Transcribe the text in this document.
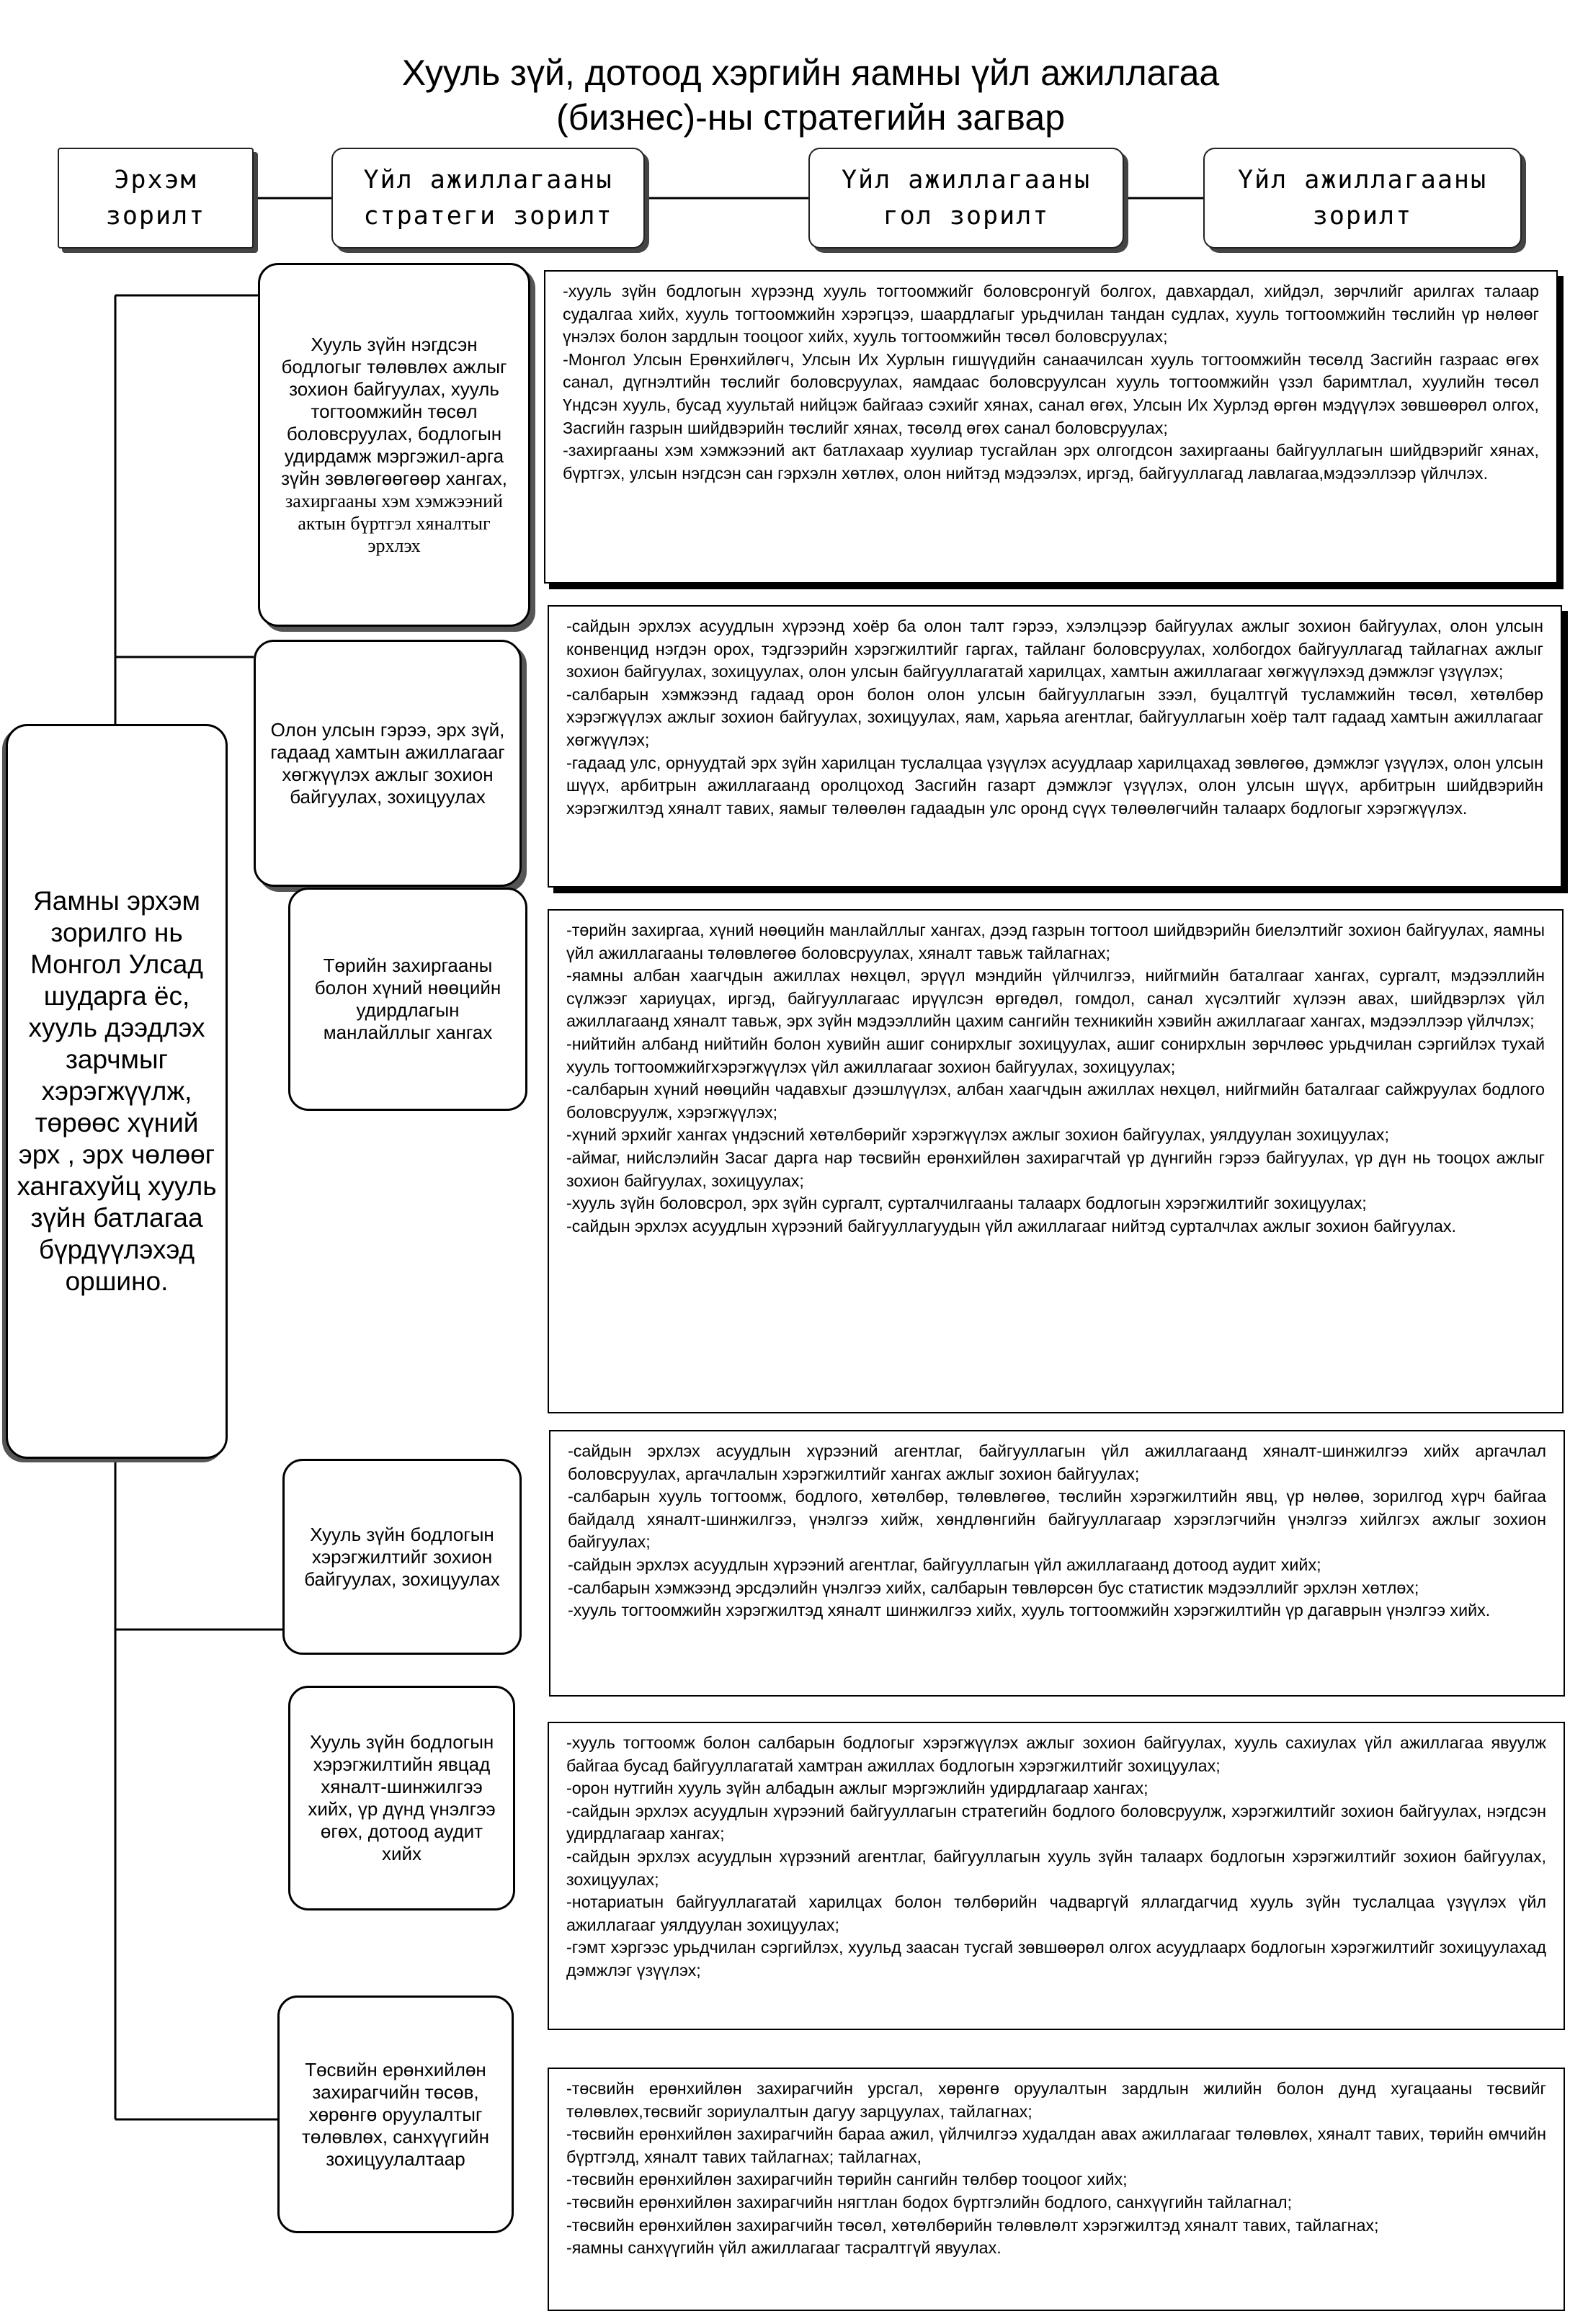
Хууль зүй, дотоод хэргийн яамны үйл ажиллагаа
(бизнес)-ны стратегийн загвар
Эрхэм
зорилт
Үйл ажиллагааны
стратеги зорилт
Үйл ажиллагааны
гол зорилт
Үйл ажиллагааны
зорилт
Яамны эрхэм зорилго нь Монгол Улсад шударга ёс, хууль дээдлэх зарчмыг хэрэгжүүлж, төрөөс хүний эрх , эрх чөлөөг хангахуйц хууль зүйн батлагаа бүрдүүлэхэд оршино.
Хууль зүйн нэгдсэн бодлогыг төлөвлөх ажлыг зохион байгуулах, хууль тогтоомжийн төсөл боловсруулах, бодлогын удирдамж мэргэжил-арга зүйн зөвлөгөөгөөр хангах,
захиргааны хэм хэмжээний актын бүртгэл хяналтыг эрхлэх
Олон улсын гэрээ, эрх зүй, гадаад хамтын ажиллагааг хөгжүүлэх ажлыг зохион байгуулах, зохицуулах
Төрийн захиргааны болон хүний нөөцийн удирдлагын манлайллыг хангах
Хууль зүйн бодлогын хэрэгжилтийг зохион байгуулах, зохицуулах
Хууль зүйн бодлогын хэрэгжилтийн явцад хяналт-шинжилгээ хийх, үр дүнд үнэлгээ өгөх, дотоод аудит хийх
Төсвийн ерөнхийлөн захирагчийн төсөв, хөрөнгө оруулалтыг төлөвлөх, санхүүгийн зохицуулалтаар
-хууль зүйн бодлогын хүрээнд хууль тогтоомжийг боловсронгуй болгох, давхардал, хийдэл, зөрчлийг арилгах талаар судалгаа хийх, хууль тогтоомжийн хэрэгцээ, шаардлагыг урьдчилан тандан судлах, хууль тогтоомжийн төслийн үр нөлөөг үнэлэх болон зардлын тооцоог хийх, хууль тогтоомжийн төсөл боловсруулах;
-Монгол Улсын Ерөнхийлөгч, Улсын Их Хурлын гишүүдийн санаачилсан хууль тогтоомжийн төсөлд Засгийн газраас өгөх санал, дүгнэлтийн төслийг боловсруулах, яамдаас боловсруулсан хууль тогтоомжийн үзэл баримтлал, хуулийн төсөл Үндсэн хууль, бусад хуультай нийцэж байгааэ сэхийг хянах, санал өгөх, Улсын Их Хурлэд өргөн мэдүүлэх зөвшөөрөл олгох, Засгийн газрын шийдвэрийн төслийг хянах, төсөлд өгөх санал боловсруулах;
-захиргааны хэм хэмжээний акт батлахаар хуулиар тусгайлан эрх олгогдсон захиргааны байгууллагын шийдвэрийг хянах, бүртгэх, улсын нэгдсэн сан гэрхэлн хөтлөх, олон нийтэд мэдээлэх, иргэд, байгууллагад лавлагаа,мэдээллээр үйлчлэх.
-сайдын эрхлэх асуудлын хүрээнд хоёр ба олон талт гэрээ, хэлэлцээр байгуулах ажлыг зохион байгуулах, олон улсын конвенцид нэгдэн орох, тэдгээрийн хэрэгжилтийг гаргах, тайланг боловсруулах, холбогдох байгууллагад тайлагнах ажлыг зохион байгуулах, зохицуулах, олон улсын байгууллагатай харилцах, хамтын ажиллагааг хөгжүүлэхэд дэмжлэг үзүүлэх;
-салбарын хэмжээнд гадаад орон болон олон улсын байгууллагын зээл, буцалтгүй тусламжийн төсөл, хөтөлбөр хэрэгжүүлэх ажлыг зохион байгуулах, зохицуулах, яам, харьяа агентлаг, байгууллагын хоёр талт гадаад хамтын ажиллагааг хөгжүүлэх;
-гадаад улс, орнуудтай эрх зүйн харилцан туслалцаа үзүүлэх асуудлаар харилцахад зөвлөгөө, дэмжлэг үзүүлэх, олон улсын шүүх, арбитрын ажиллагаанд оролцоход Засгийн газарт дэмжлэг үзүүлэх, олон улсын шүүх, арбитрын шийдвэрийн хэрэгжилтэд хяналт тавих, яамыг төлөөлөн гадаадын улс оронд сүүх төлөөлөгчийн талаарх бодлогыг хэрэгжүүлэх.
-төрийн захиргаа, хүний нөөцийн манлайллыг хангах, дээд газрын тогтоол шийдвэрийн биелэлтийг зохион байгуулах, яамны үйл ажиллагааны төлөвлөгөө боловсруулах, хяналт тавьж тайлагнах;
-яамны албан хаагчдын ажиллах нөхцөл, эрүүл мэндийн үйлчилгээ, нийгмийн баталгааг хангах, сургалт, мэдээллийн сүлжээг хариуцах, иргэд, байгууллагаас ирүүлсэн өргөдөл, гомдол, санал хүсэлтийг хүлээн авах, шийдвэрлэх үйл ажиллагаанд хяналт тавьж, эрх зүйн мэдээллийн цахим сангийн техникийн хэвийн ажиллагааг хангах, мэдээллээр үйлчлэх;
-нийтийн албанд нийтийн болон хувийн ашиг сонирхлыг зохицуулах, ашиг сонирхлын зөрчлөөс урьдчилан сэргийлэх тухай хууль тогтоомжийгхэрэгжүүлэх үйл ажиллагааг зохион байгуулах, зохицуулах;
-салбарын хүний нөөцийн чадавхыг дээшлүүлэх, албан хаагчдын ажиллах нөхцөл, нийгмийн баталгааг сайжруулах бодлого боловсруулж, хэрэгжүүлэх;
-хүний эрхийг хангах үндэсний хөтөлбөрийг хэрэгжүүлэх ажлыг зохион байгуулах, уялдуулан зохицуулах;
-аймаг, нийслэлийн Засаг дарга нар төсвийн ерөнхийлөн захирагчтай үр дүнгийн гэрээ байгуулах, үр дүн нь тооцох ажлыг зохион байгуулах, зохицуулах;
-хууль зүйн боловсрол, эрх зүйн сургалт, сурталчилгааны талаарх бодлогын хэрэгжилтийг зохицуулах;
-сайдын эрхлэх асуудлын хүрээний байгууллагуудын үйл ажиллагааг нийтэд сурталчлах ажлыг зохион байгуулах.
-сайдын эрхлэх асуудлын хүрээний агентлаг, байгууллагын үйл ажиллагаанд хяналт-шинжилгээ хийх аргачлал боловсруулах, аргачлалын хэрэгжилтийг хангах ажлыг зохион байгуулах;
-салбарын хууль тогтоомж, бодлого, хөтөлбөр, төлөвлөгөө, төслийн хэрэгжилтийн явц, үр нөлөө, зорилгод хүрч байгаа байдалд хяналт-шинжилгээ, үнэлгээ хийж, хөндлөнгийн байгууллагаар хэрэглэгчийн үнэлгээ хийлгэх ажлыг зохион байгуулах;
-сайдын эрхлэх асуудлын хүрээний агентлаг, байгууллагын үйл ажиллагаанд дотоод аудит хийх;
-салбарын хэмжээнд эрсдэлийн үнэлгээ хийх, салбарын төвлөрсөн бус статистик мэдээллийг эрхлэн хөтлөх;
-хууль тогтоомжийн хэрэгжилтэд хяналт шинжилгээ хийх, хууль тогтоомжийн хэрэгжилтийн үр дагаврын үнэлгээ хийх.
-хууль тогтоомж болон салбарын бодлогыг хэрэгжүүлэх ажлыг зохион байгуулах, хууль сахиулах үйл ажиллагаа явуулж байгаа бусад байгууллагатай хамтран ажиллах бодлогын хэрэгжилтийг зохицуулах;
-орон нутгийн хууль зүйн албадын ажлыг мэргэжлийн удирдлагаар хангах;
-сайдын эрхлэх асуудлын хүрээний байгууллагын стратегийн бодлого боловсруулж, хэрэгжилтийг зохион байгуулах, нэгдсэн удирдлагаар хангах;
-сайдын эрхлэх асуудлын хүрээний агентлаг, байгууллагын хууль зүйн талаарх бодлогын хэрэгжилтийг зохион байгуулах, зохицуулах;
-нотариатын байгууллагатай харилцах болон төлбөрийн чадваргүй яллагдагчид хууль зүйн туслалцаа үзүүлэх үйл ажиллагааг уялдуулан зохицуулах;
-гэмт хэргээс урьдчилан сэргийлэх, хуульд заасан тусгай зөвшөөрөл олгох асуудлаарх бодлогын хэрэгжилтийг зохицуулахад дэмжлэг үзүүлэх;
-төсвийн ерөнхийлөн захирагчийн урсгал, хөрөнгө оруулалтын зардлын жилийн болон дунд хугацааны төсвийг төлөвлөх,төсвийг зориулалтын дагуу зарцуулах, тайлагнах;
-төсвийн ерөнхийлөн захирагчийн бараа ажил, үйлчилгээ худалдан авах ажиллагааг төлөвлөх, хяналт тавих, төрийн өмчийн бүртгэлд, хяналт тавих тайлагнах; тайлагнах,
-төсвийн ерөнхийлөн захирагчийн төрийн сангийн төлбөр тооцоог хийх;
-төсвийн ерөнхийлөн захирагчийн нягтлан бодох бүртгэлийн бодлого, санхүүгийн тайлагнал;
-төсвийн ерөнхийлөн захирагчийн төсөл, хөтөлбөрийн төлөвлөлт хэрэгжилтэд хяналт тавих, тайлагнах;
-яамны санхүүгийн үйл ажиллагааг тасралтгүй явуулах.
